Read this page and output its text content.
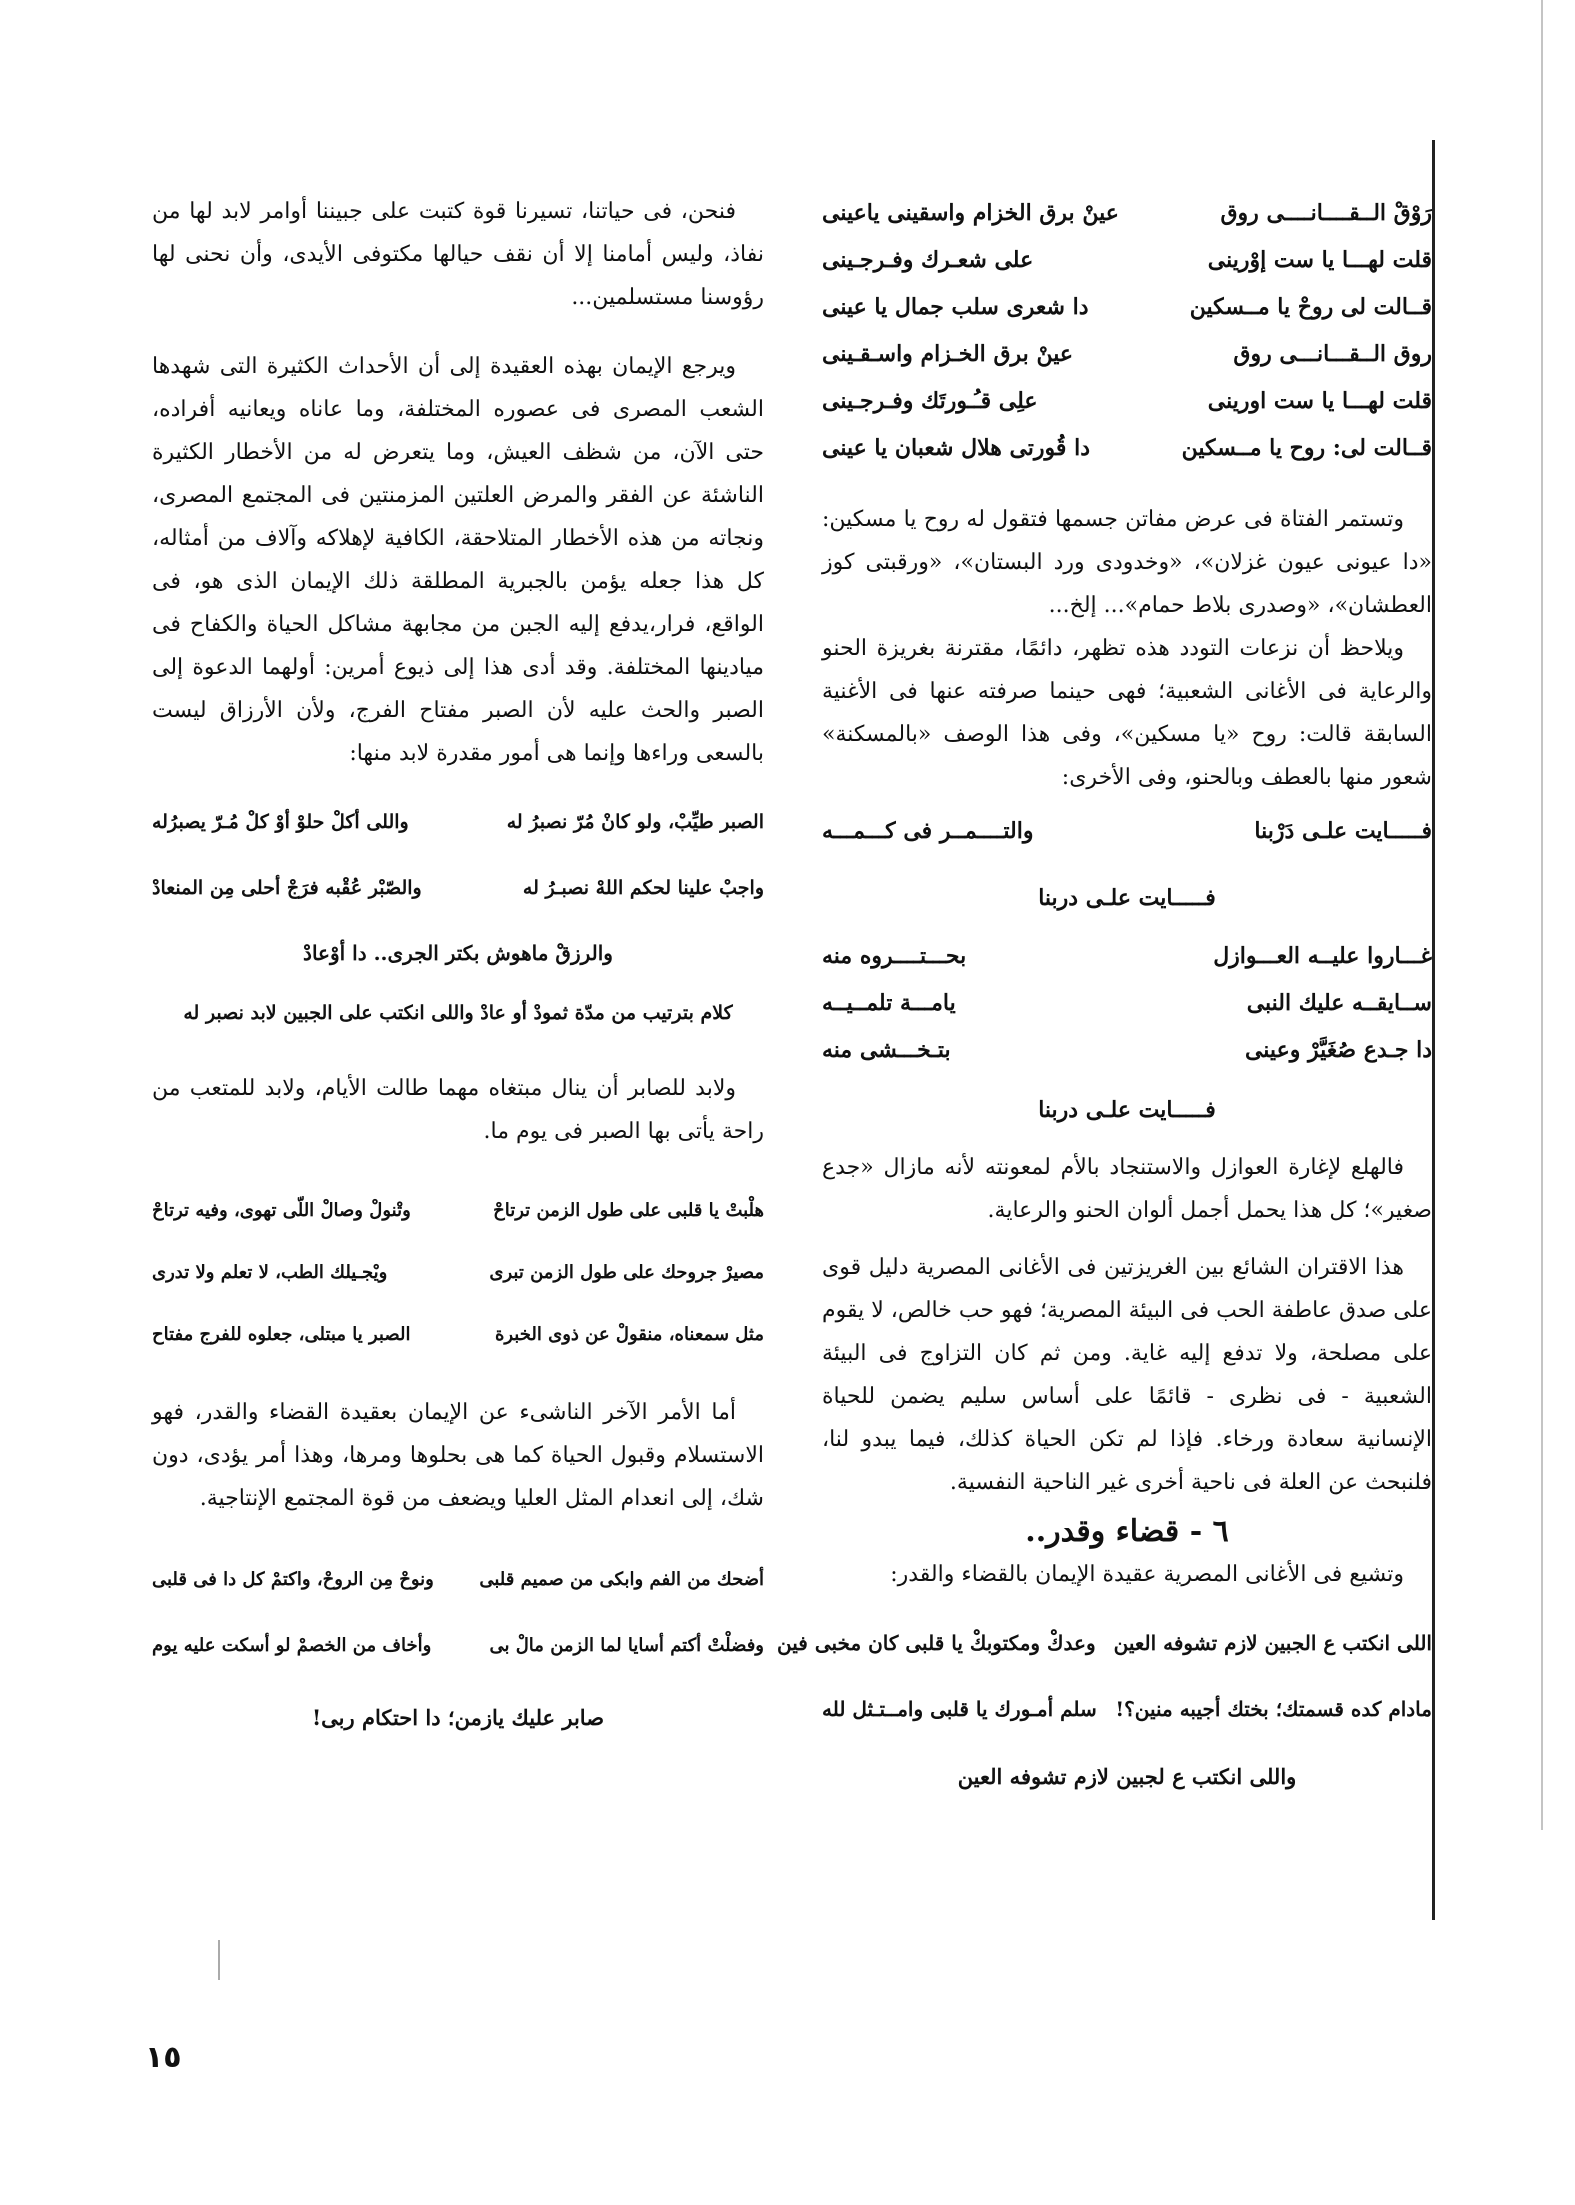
رَوْقْ الــقــــانــــى روق
عينْ برق الخزام واسقينى ياعينى
قلت لهـــا يا ست إوْرينى
على شعـرك وفـرجـينى
قــالت لى روحْ يا مــسكين
دا شعرى سلب جمال يا عينى
روق الــقـــانـــى روق
عينْ برق الخـزام واسـقـينى
قلت لهـــا يا ست اورينى
علِى قـُـورتَك وفـرجـينى
قــالت لى: روح يا مــسكين
دا قُورتى هلال شعبان يا عينى

وتستمر الفتاة فى عرض مفاتن جسمها فتقول له روح يا مسكين: «دا عيونى عيون غزلان»، «وخدودى ورد البستان»، «ورقبتى كوز العطشان»، «وصدرى بلاط حمام»... إلخ...

ويلاحظ أن نزعات التودد هذه تظهر، دائمًا، مقترنة بغريزة الحنو والرعاية فى الأغانى الشعبية؛ فهى حينما صرفته عنها فى الأغنية السابقة قالت: روح «يا مسكين»، وفى هذا الوصف «بالمسكنة» شعور منها بالعطف وبالحنو، وفى الأخرى:

فـــــايت علـى دَرْبنا
والتــــمــر فى كـــمـــه
فـــــايت علـى دربنا
غـــاروا عليــه العـــوازل
بحـــتــــروه منه
ســايقــه عليك النبى
يامـــة تلمــيــه
دا جـدع صُغَيَّرْ وعينى
بتـخـــشى منه
فـــــايت علـى دربنا

فالهلع لإغارة العوازل والاستنجاد بالأم لمعونته لأنه مازال «جدع صغير»؛ كل هذا يحمل أجمل ألوان الحنو والرعاية.

هذا الاقتران الشائع بين الغريزتين فى الأغانى المصرية دليل قوى على صدق عاطفة الحب فى البيئة المصرية؛ فهو حب خالص، لا يقوم على مصلحة، ولا تدفع إليه غاية. ومن ثم كان التزاوج فى البيئة الشعبية - فى نظرى - قائمًا على أساس سليم يضمن للحياة الإنسانية سعادة ورخاء. فإذا لم تكن الحياة كذلك، فيما يبدو لنا، فلنبحث عن العلة فى ناحية أخرى غير الناحية النفسية.

٦ - قضاء وقدر..

وتشيع فى الأغانى المصرية عقيدة الإيمان بالقضاء والقدر:

اللى انكتب ع الجبين لازم تشوفه العين
وعدكْ ومكتوبكْ يا قلبى كان مخبى فين
مادام كده قسمتك؛ بختك أجيبه منين؟!
سلم أمـورك يا قلبى وامــتـثل لله
واللى انكتب ع لجبين لازم تشوفه العين

فنحن، فى حياتنا، تسيرنا قوة كتبت على جبيننا أوامر لابد لها من نفاذ، وليس أمامنا إلا أن نقف حيالها مكتوفى الأيدى، وأن نحنى لها رؤوسنا مستسلمين...

ويرجع الإيمان بهذه العقيدة إلى أن الأحداث الكثيرة التى شهدها الشعب المصرى فى عصوره المختلفة، وما عاناه ويعانيه أفراده، حتى الآن، من شظف العيش، وما يتعرض له من الأخطار الكثيرة الناشئة عن الفقر والمرض العلتين المزمنتين فى المجتمع المصرى، ونجاته من هذه الأخطار المتلاحقة، الكافية لإهلاكه وآلاف من أمثاله، كل هذا جعله يؤمن بالجبرية المطلقة ذلك الإيمان الذى هو، فى الواقع، فرار،يدفع إليه الجبن من مجابهة مشاكل الحياة والكفاح فى ميادينها المختلفة. وقد أدى هذا إلى ذيوع أمرين: أولهما الدعوة إلى الصبر والحث عليه لأن الصبر مفتاح الفرج، ولأن الأرزاق ليست بالسعى وراءها وإنما هى أمور مقدرة لابد منها:

الصبر طيِّبْ، ولو كانْ مُرّ نصبرُ له
واللى أكلْ حلوْ أوْ كلْ مُـرّ يصبرُله
واجبْ علينا لحكم اللهْ نصبـرُ له
والصّبْر عُقْبه فرَجْ أحلى مِن المنعادْ
والرزقْ ماهوش بكتر الجرى.. دا أوْعادْ
كلام بترتيب من مدّة ثمودْ أو عادْ واللى انكتب على الجبين لابد نصبر له

ولابد للصابر أن ينال مبتغاه مهما طالت الأيام، ولابد للمتعب من راحة يأتى بها الصبر فى يوم ما.

هلْبتْ يا قلبى على طول الزمن ترتاحْ
وتْنولْ وصالْ اللّى تهوى، وفيه ترتاحْ
مصيرْ جروحك على طول الزمن تبرى
ويْجـيلك الطب، لا تعلم ولا تدرى
مثل سمعناه، منقولْ عن ذوى الخبرة
الصبر يا مبتلى، جعلوه للفرج مفتاح

أما الأمر الآخر الناشىء عن الإيمان بعقيدة القضاء والقدر، فهو الاستسلام وقبول الحياة كما هى بحلوها ومرها، وهذا أمر يؤدى، دون شك، إلى انعدام المثل العليا ويضعف من قوة المجتمع الإنتاجية.

أضحك من الفم وابكى من صميم قلبى
ونوحْ مِن الروحْ، واكتمْ كل دا فى قلبى
وفضلْتْ أكتم أسايا لما الزمن مالْ بى
وأخاف من الخصمْ لو أسكت عليه يوم
صابر عليك يازمن؛ دا احتكام ربى!
١٥
